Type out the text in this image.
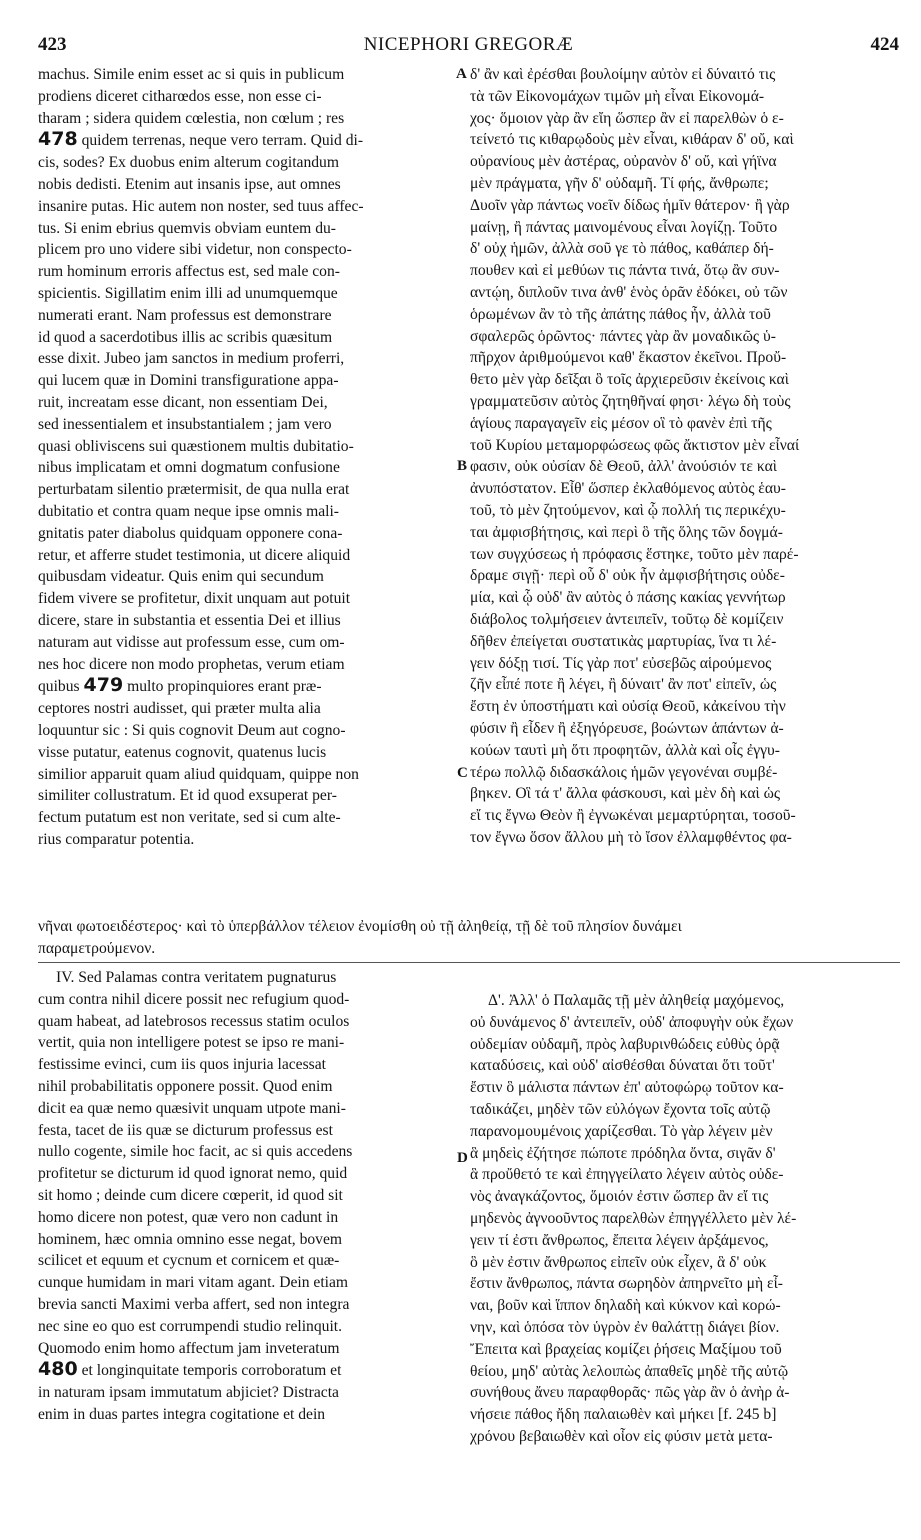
423	NICEPHORI GREGORÆ	424
A
B
C
D
machus. Simile enim esset ac si quis in publicum
prodiens diceret citharœdos esse, non esse ci-
tharam ; sidera quidem cœlestia, non cœlum ; res
478 quidem terrenas, neque vero terram. Quid di-
cis, sodes? Ex duobus enim alterum cogitandum
nobis dedisti. Etenim aut insanis ipse, aut omnes
insanire putas. Hic autem non noster, sed tuus affec-
tus. Si enim ebrius quemvis obviam euntem du-
plicem pro uno videre sibi videtur, non conspecto-
rum hominum erroris affectus est, sed male con-
spicientis. Sigillatim enim illi ad unumquemque
numerati erant. Nam professus est demonstrare
id quod a sacerdotibus illis ac scribis quæsitum
esse dixit. Jubeo jam sanctos in medium proferri,
qui lucem quæ in Domini transfiguratione appa-
ruit, increatam esse dicant, non essentiam Dei,
sed inessentialem et insubstantialem ; jam vero
quasi obliviscens sui quæstionem multis dubitatio-
nibus implicatam et omni dogmatum confusione
perturbatam silentio prætermisit, de qua nulla erat
dubitatio et contra quam neque ipse omnis mali-
gnitatis pater diabolus quidquam opponere cona-
retur, et afferre studet testimonia, ut dicere aliquid
quibusdam videatur. Quis enim qui secundum
fidem vivere se profitetur, dixit unquam aut potuit
dicere, stare in substantia et essentia Dei et illius
naturam aut vidisse aut professum esse, cum om-
nes hoc dicere non modo prophetas, verum etiam
quibus 479 multo propinquiores erant præ-
ceptores nostri audisset, qui præter multa alia
loquuntur sic : Si quis cognovit Deum aut cogno-
visse putatur, eatenus cognovit, quatenus lucis
similior apparuit quam aliud quidquam, quippe non
similiter collustratum. Et id quod exsuperat per-
fectum putatum est non veritate, sed si cum alte-
rius comparatur potentia.
δ' ἂν καὶ ἐρέσθαι βουλοίμην αὐτὸν εἰ δύναιτό τις
τὰ τῶν Εἰκονομάχων τιμῶν μὴ εἶναι Εἰκονομά-
χος· ὅμοιον γὰρ ἂν εἴη ὥσπερ ἂν εἰ παρελθὼν ὁ ε-
τείνετό τις κιθαρῳδοὺς μὲν εἶναι, κιθάραν δ' οὔ, καὶ
οὐρανίους μὲν ἀστέρας, οὐρανὸν δ' οὔ, καὶ γήϊνα
μὲν πράγματα, γῆν δ' οὐδαμῆ. Τί φής, ἄνθρωπε;
Δυοῖν γὰρ πάντως νοεῖν δίδως ἡμῖν θάτερον· ἢ γὰρ
μαίνῃ, ἢ πάντας μαινομένους εἶναι λογίζῃ. Τοῦτο
δ' οὐχ ἡμῶν, ἀλλὰ σοῦ γε τὸ πάθος, καθάπερ δή-
πουθεν καὶ εἰ μεθύων τις πάντα τινά, ὅτῳ ἂν συν-
αντῴη, διπλοῦν τινα ἀνθ' ἑνὸς ὁρᾶν ἐδόκει, οὐ τῶν
ὁρωμένων ἂν τὸ τῆς ἀπάτης πάθος ἦν, ἀλλὰ τοῦ
σφαλερῶς ὁρῶντος· πάντες γὰρ ἂν μοναδικῶς ὑ-
πῆρχον ἀριθμούμενοι καθ' ἕκαστον ἐκεῖνοι. Προὔ-
θετο μὲν γὰρ δεῖξαι ὃ τοῖς ἀρχιερεῦσιν ἐκείνοις καὶ
γραμματεῦσιν αὐτὸς ζητηθῆναί φησι· λέγω δὴ τοὺς
ἁγίους παραγαγεῖν εἰς μέσον οἳ τὸ φανὲν ἐπὶ τῆς
τοῦ Κυρίου μεταμορφώσεως φῶς ἄκτιστον μὲν εἶναί
φασιν, οὐκ οὐσίαν δὲ Θεοῦ, ἀλλ' ἀνούσιόν τε καὶ
ἀνυπόστατον. Εἶθ' ὥσπερ ἐκλαθόμενος αὐτὸς ἑαυ-
τοῦ, τὸ μὲν ζητούμενον, καὶ ᾧ πολλή τις περικέχυ-
ται ἀμφισβήτησις, καὶ περὶ ὃ τῆς ὅλης τῶν δογμά-
των συγχύσεως ἡ πρόφασις ἕστηκε, τοῦτο μὲν παρέ-
δραμε σιγῇ· περὶ οὗ δ' οὐκ ἦν ἀμφισβήτησις οὐδε-
μία, καὶ ᾧ οὐδ' ἂν αὐτὸς ὁ πάσης κακίας γεννήτωρ
διάβολος τολμήσειεν ἀντειπεῖν, τοῦτῳ δὲ κομίζειν
δῆθεν ἐπείγεται συστατικὰς μαρτυρίας, ἵνα τι λέ-
γειν δόξῃ τισί. Τίς γὰρ ποτ' εὐσεβῶς αἱρούμενος
ζῆν εἶπέ ποτε ἢ λέγει, ἢ δύναιτ' ἂν ποτ' εἰπεῖν, ὡς
ἔστη ἐν ὑποστήματι καὶ οὐσίᾳ Θεοῦ, κἀκείνου τὴν
φύσιν ἢ εἶδεν ἢ ἐξηγόρευσε, βοώντων ἁπάντων ἀ-
κούων ταυτὶ μὴ ὅτι προφητῶν, ἀλλὰ καὶ οἷς ἐγγυ-
τέρω πολλῷ διδασκάλοις ἡμῶν γεγονέναι συμβέ-
βηκεν. Οἳ τά τ' ἄλλα φάσκουσι, καὶ μὲν δὴ καὶ ὡς
εἴ τις ἔγνω Θεὸν ἢ ἐγνωκέναι μεμαρτύρηται, τοσοῦ-
τον ἔγνω ὅσον ἄλλου μὴ τὸ ἴσον ἐλλαμφθέντος φα-
νῆναι φωτοειδέστερος· καὶ τὸ ὑπερβάλλον τέλειον ἐνομίσθη οὐ τῇ ἀληθείᾳ, τῇ δὲ τοῦ πλησίον δυνάμει
παραμετρούμενον.
IV. Sed Palamas contra veritatem pugnaturus
cum contra nihil dicere possit nec refugium quod-
quam habeat, ad latebrosos recessus statim oculos
vertit, quia non intelligere potest se ipso re mani-
festissime evinci, cum iis quos injuria lacessat
nihil probabilitatis opponere possit. Quod enim
dicit ea quæ nemo quæsivit unquam utpote mani-
festa, tacet de iis quæ se dicturum professus est
nullo cogente, simile hoc facit, ac si quis accedens
profitetur se dicturum id quod ignorat nemo, quid
sit homo ; deinde cum dicere cœperit, id quod sit
homo dicere non potest, quæ vero non cadunt in
hominem, hæc omnia omnino esse negat, bovem
scilicet et equum et cycnum et cornicem et quæ-
cunque humidam in mari vitam agant. Dein etiam
brevia sancti Maximi verba affert, sed non integra
nec sine eo quo est corrumpendi studio relinquit.
Quomodo enim homo affectum jam inveteratum
480 et longinquitate temporis corroboratum et
in naturam ipsam immutatum abjiciet? Distracta
enim in duas partes integra cogitatione et dein
Δ'. Ἀλλ' ὁ Παλαμᾶς τῇ μὲν ἀληθείᾳ μαχόμενος,
οὐ δυνάμενος δ' ἀντειπεῖν, οὐδ' ἀποφυγὴν οὐκ ἔχων
οὐδεμίαν οὐδαμῆ, πρὸς λαβυρινθώδεις εὐθὺς ὁρᾷ
καταδύσεις, καὶ οὐδ' αἰσθέσθαι δύναται ὅτι τοῦτ'
ἔστιν ὃ μάλιστα πάντων ἐπ' αὐτοφώρῳ τοῦτον κα-
ταδικάζει, μηδὲν τῶν εὐλόγων ἔχοντα τοῖς αὐτῷ
παρανομουμένοις χαρίζεσθαι. Τὸ γὰρ λέγειν μὲν
ἃ μηδεὶς ἐζήτησε πώποτε πρόδηλα ὄντα, σιγᾶν δ'
ἃ προὔθετό τε καὶ ἐπηγγείλατο λέγειν αὐτὸς οὐδε-
νὸς ἀναγκάζοντος, ὅμοιόν ἐστιν ὥσπερ ἂν εἴ τις
μηδενὸς ἀγνοοῦντος παρελθὼν ἐπηγγέλλετο μὲν λέ-
γειν τί ἐστι ἄνθρωπος, ἔπειτα λέγειν ἀρξάμενος,
ὃ μὲν ἐστιν ἄνθρωπος εἰπεῖν οὐκ εἶχεν, ἃ δ' οὐκ
ἔστιν ἄνθρωπος, πάντα σωρηδὸν ἀπηρνεῖτο μὴ εἶ-
ναι, βοῦν καὶ ἵππον δηλαδὴ καὶ κύκνον καὶ κορώ-
νην, καὶ ὁπόσα τὸν ὑγρὸν ἐν θαλάττῃ διάγει βίον.
Ἔπειτα καὶ βραχείας κομίζει ῥήσεις Μαξίμου τοῦ
θείου, μηδ' αὐτὰς λελοιπὼς ἀπαθεῖς μηδὲ τῆς αὐτῷ
συνήθους ἄνευ παραφθορᾶς· πῶς γὰρ ἂν ὁ ἀνὴρ ἀ-
νήσειε πάθος ἤδη παλαιωθὲν καὶ μήκει [f. 245 b]
χρόνου βεβαιωθὲν καὶ οἷον εἰς φύσιν μετὰ μετα-
